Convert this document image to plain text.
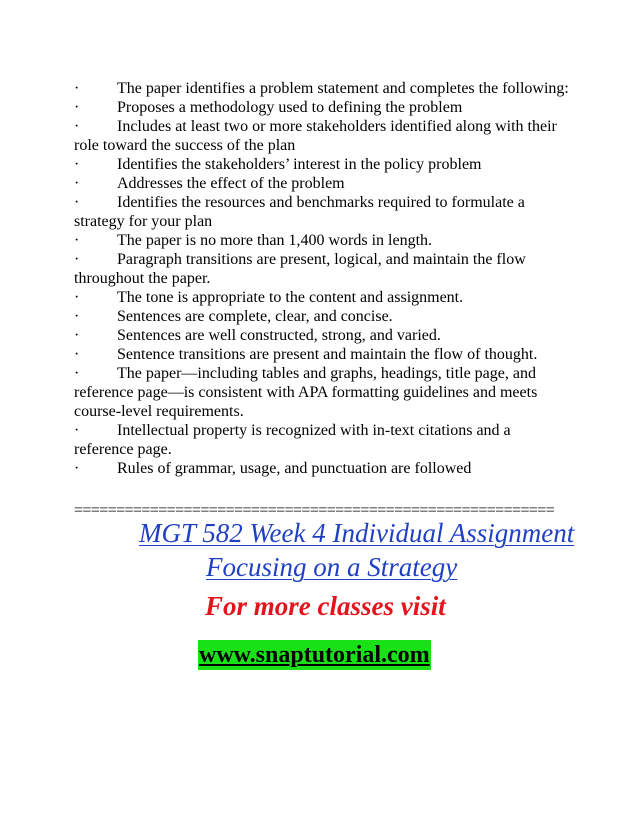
· The paper identifies a problem statement and completes the following:

· Proposes a methodology used to defining the problem

· Includes at least two or more stakeholders identified along with their role toward the success of the plan

· Identifies the stakeholders’ interest in the policy problem

· Addresses the effect of the problem

· Identifies the resources and benchmarks required to formulate a strategy for your plan

· The paper is no more than 1,400 words in length.

· Paragraph transitions are present, logical, and maintain the flow throughout the paper.

· The tone is appropriate to the content and assignment.

· Sentences are complete, clear, and concise.

· Sentences are well constructed, strong, and varied.

· Sentence transitions are present and maintain the flow of thought.

· The paper—including tables and graphs, headings, title page, and reference page—is consistent with APA formatting guidelines and meets course-level requirements.

· Intellectual property is recognized with in-text citations and a reference page.

· Rules of grammar, usage, and punctuation are followed

=========================================================
MGT 582 Week 4 Individual Assignment
Focusing on a Strategy
For more classes visit
www.snaptutorial.com
